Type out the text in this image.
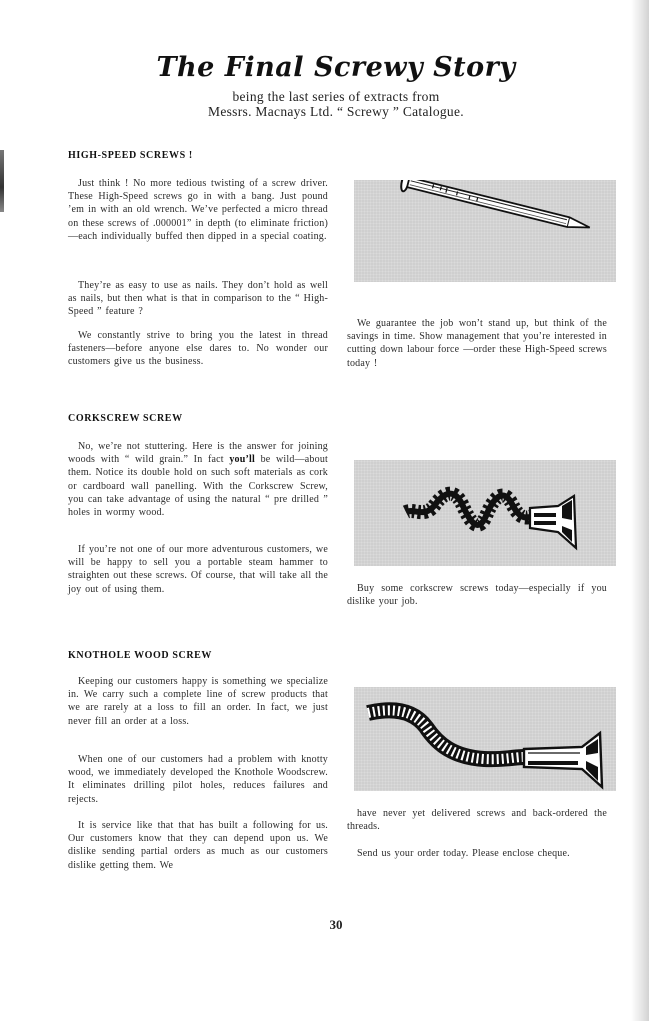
The Final Screwy Story
being the last series of extracts from
Messrs. Macnays Ltd. “ Screwy ” Catalogue.
HIGH-SPEED SCREWS !
Just think ! No more tedious twisting of a screw driver. These High-Speed screws go in with a bang. Just pound ’em in with an old wrench. We’ve perfected a micro thread on these screws of .000001” in depth (to eliminate friction)—each individually buffed then dipped in a special coating.
They’re as easy to use as nails. They don’t hold as well as nails, but then what is that in comparison to the “ High-Speed ” feature ?
We constantly strive to bring you the latest in thread fasteners—before anyone else dares to. No wonder our customers give us the business.
We guarantee the job won’t stand up, but think of the savings in time. Show management that you’re interested in cutting down labour force —order these High-Speed screws today !
CORKSCREW SCREW
No, we’re not stuttering. Here is the answer for joining woods with “ wild grain.” In fact you’ll be wild—about them. Notice its double hold on such soft materials as cork or cardboard wall panelling. With the Corkscrew Screw, you can take advantage of using the natural “ pre drilled ” holes in wormy wood.
If you’re not one of our more adventurous customers, we will be happy to sell you a portable steam hammer to straighten out these screws. Of course, that will take all the joy out of using them.	Buy some corkscrew screws today—especially if you dislike your job.
KNOTHOLE WOOD SCREW
Keeping our customers happy is something we specialize in. We carry such a complete line of screw products that we are rarely at a loss to fill an order. In fact, we just never fill an order at a loss.
When one of our customers had a problem with knotty wood, we immediately developed the Knothole Woodscrew. It eliminates drilling pilot holes, reduces failures and rejects.
It is service like that that has built a following for us. Our customers know that they can depend upon us. We dislike sending partial orders as much as our customers dislike getting them. We
have never yet delivered screws and back-ordered the threads.
Send us your order today. Please enclose cheque.
30
